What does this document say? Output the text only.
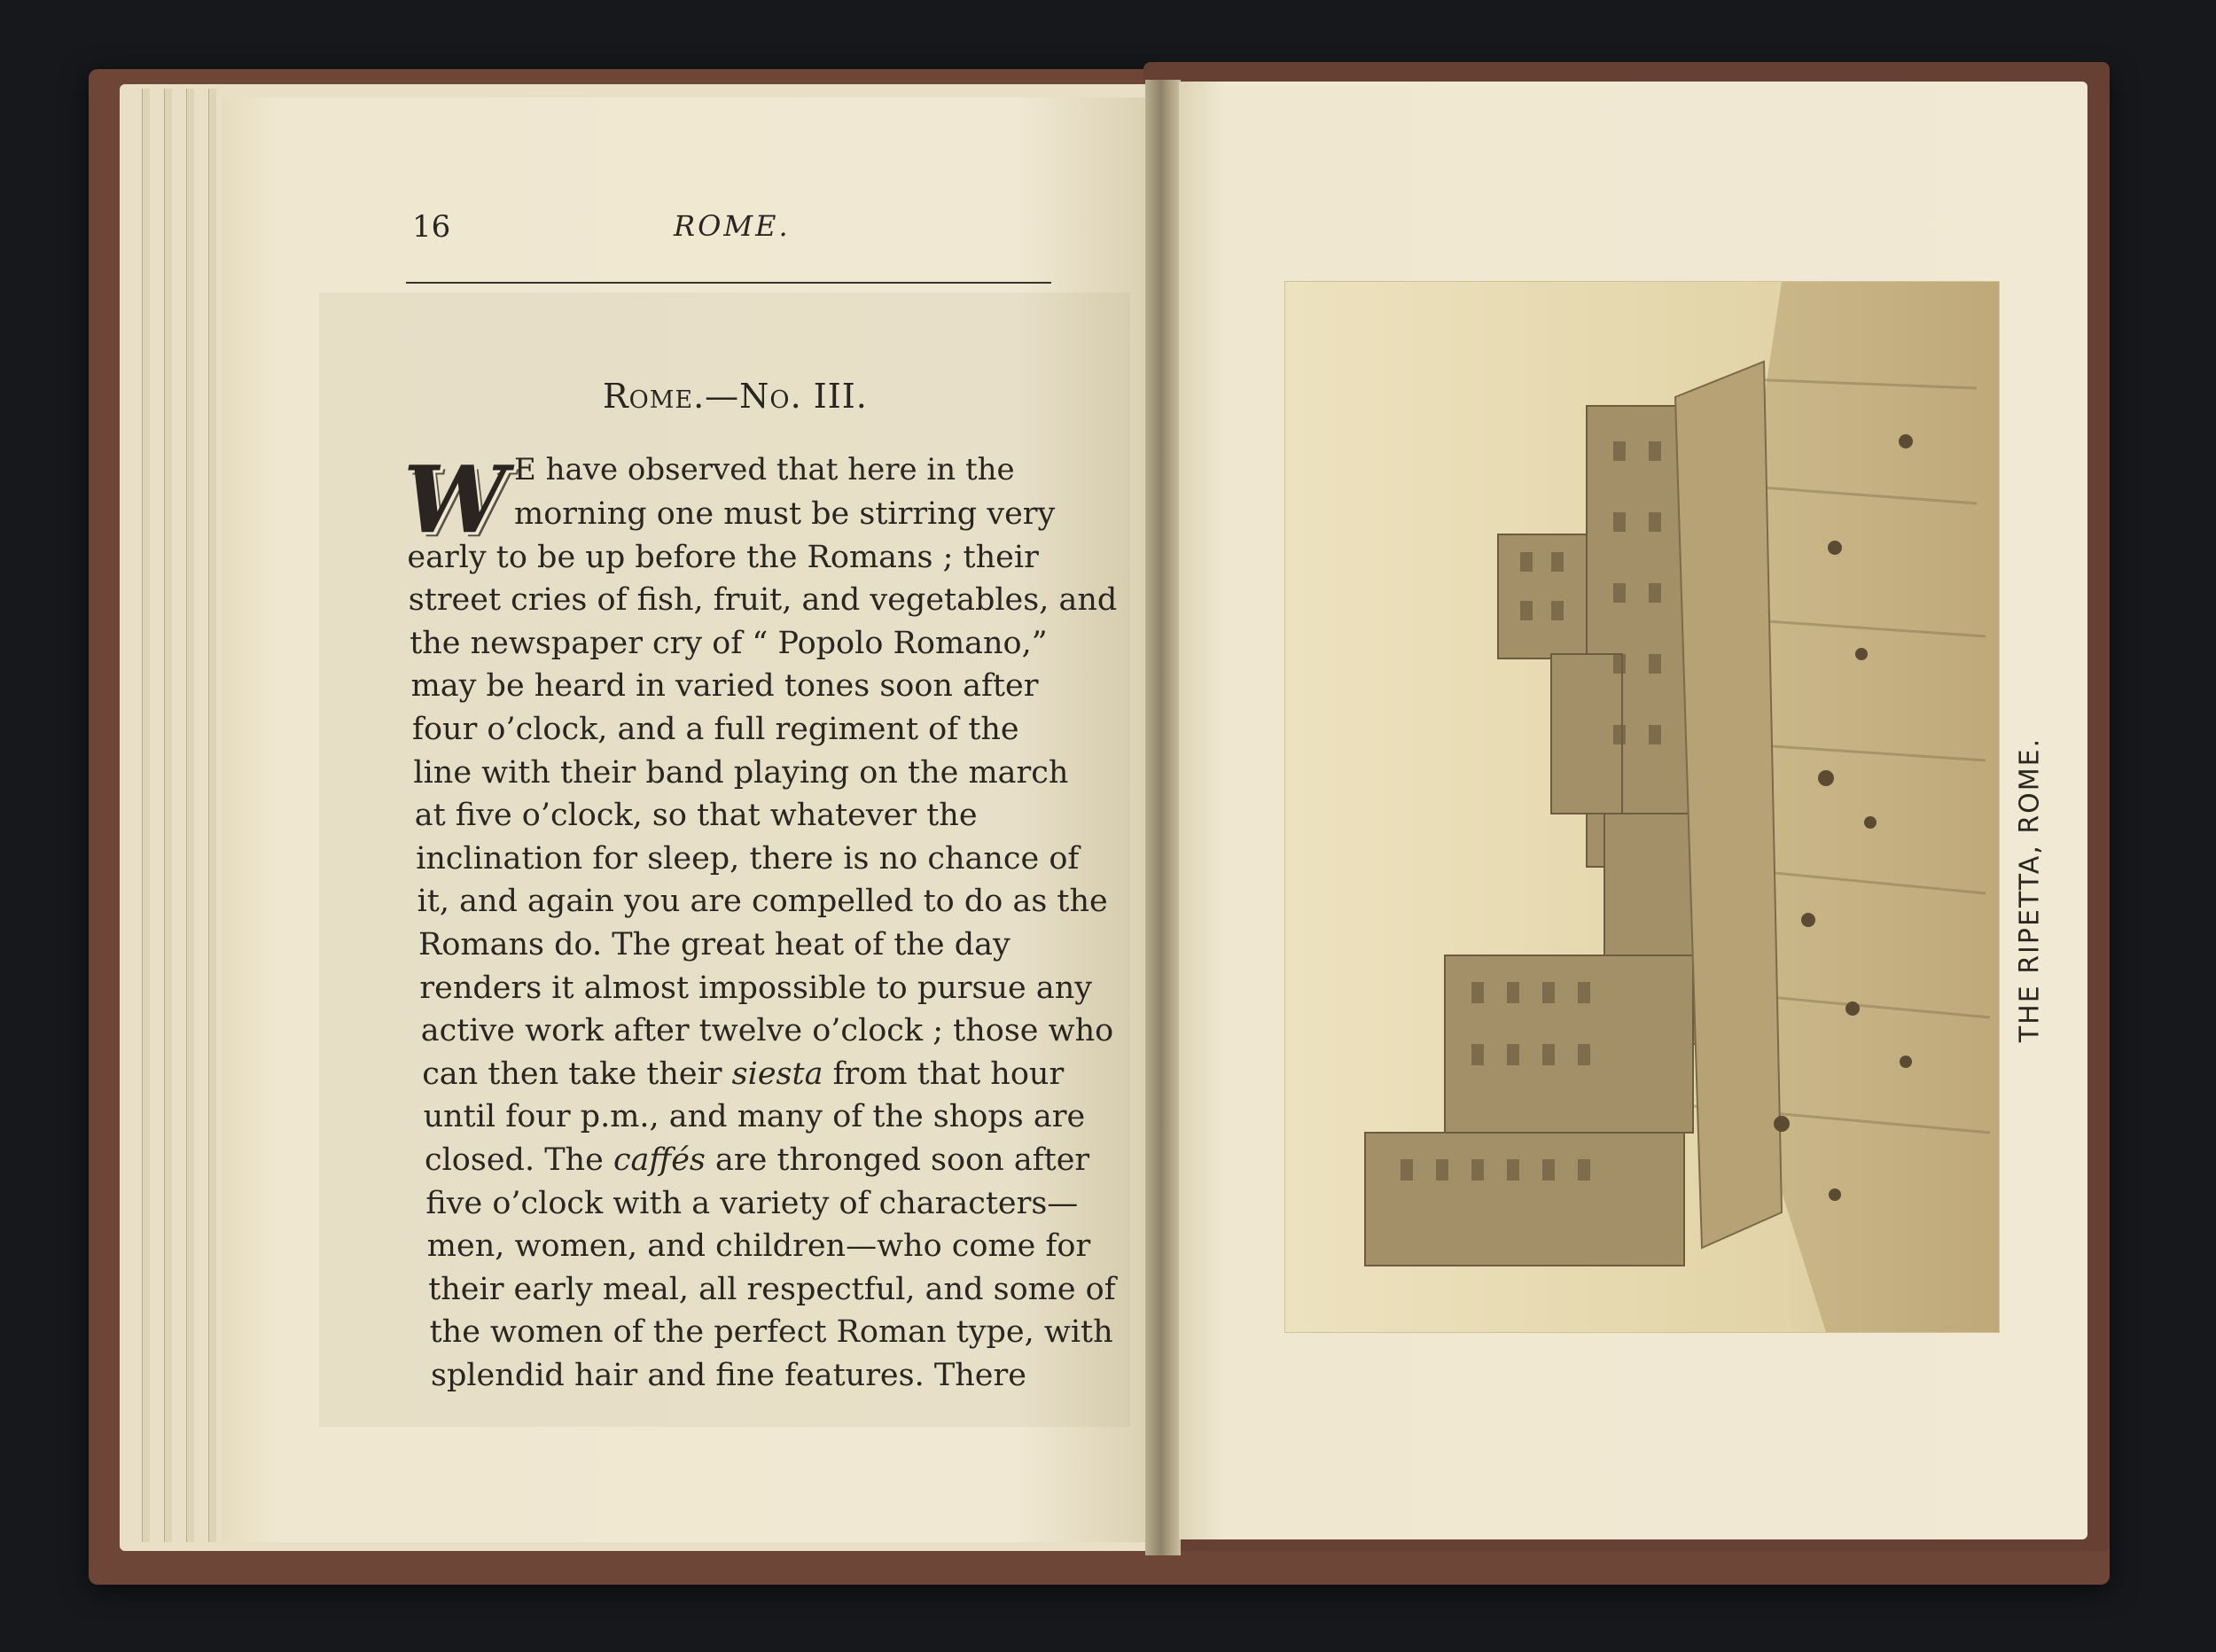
16	ROME.
Rome.—No. III.
W E have observed that here in the
morning one must be stirring very
early to be up before the Romans ; their
street cries of fish, fruit, and vegetables, and
the newspaper cry of “ Popolo Romano,”
may be heard in varied tones soon after
four o’clock, and a full regiment of the
line with their band playing on the march
at five o’clock, so that whatever the
inclination for sleep, there is no chance of
it, and again you are compelled to do as the
Romans do. The great heat of the day
renders it almost impossible to pursue any
active work after twelve o’clock ; those who
can then take their siesta from that hour
until four p.m., and many of the shops are
closed. The caffés are thronged soon after
five o’clock with a variety of characters—
men, women, and children—who come for
their early meal, all respectful, and some of
the women of the perfect Roman type, with
splendid hair and fine features. There
THE RIPETTA, ROME.
